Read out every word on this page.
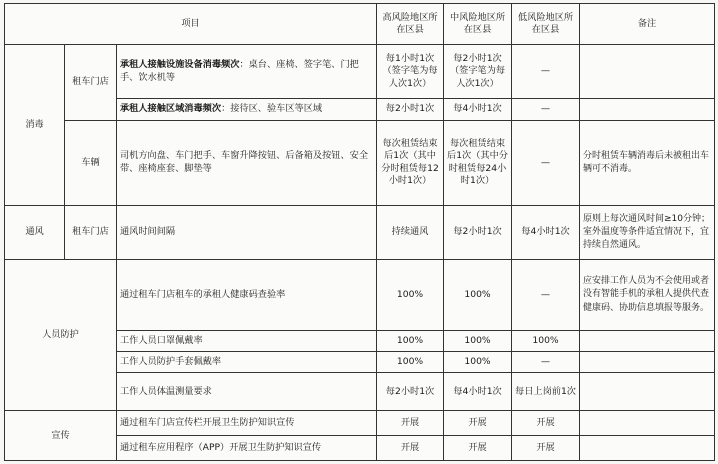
项目			高风险地区所在区县	中风险地区所在区县	低风险地区所在区县	备注
消毒	租车门店	承租人接触设施设备消毒频次：桌台、座椅、签字笔、门把手、饮水机等	每1小时1次（签字笔为每人次1次）	每2小时1次（签字笔为每人次1次）	—	
		承租人接触区域消毒频次：接待区、验车区等区域	每2小时1次	每4小时1次	—	
	车辆	司机方向盘、车门把手、车窗升降按钮、后备箱及按钮、安全带、座椅座套、脚垫等	每次租赁结束后1次（其中分时租赁每12小时1次）	每次租赁结束后1次（其中分时租赁每24小时1次）	—	分时租赁车辆消毒后未被租出车辆可不消毒。
通风	租车门店	通风时间间隔	持续通风	每2小时1次	每4小时1次	原则上每次通风时间≥10分钟；室外温度等条件适宜情况下，宜持续自然通风。
人员防护		通过租车门店租车的承租人健康码查验率	100%	100%	—	应安排工作人员为不会使用或者没有智能手机的承租人提供代查健康码、协助信息填报等服务。
		工作人员口罩佩戴率	100%	100%	100%	
		工作人员防护手套佩戴率	100%	100%	—	
		工作人员体温测量要求	每2小时1次	每4小时1次	每日上岗前1次	
宣传		通过租车门店宣传栏开展卫生防护知识宣传	开展	开展	开展	
		通过租车应用程序（APP）开展卫生防护知识宣传	开展	开展	开展	
